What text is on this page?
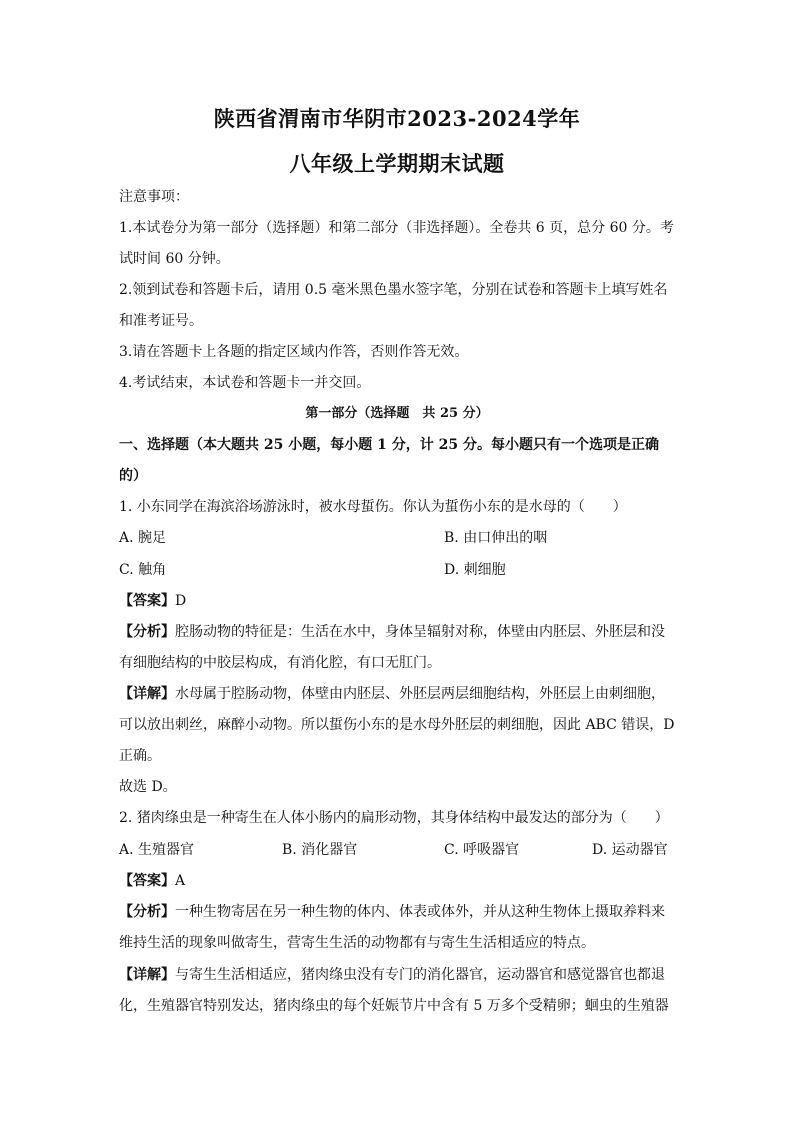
陕西省渭南市华阴市2023-2024学年
八年级上学期期末试题
注意事项：
1.本试卷分为第一部分（选择题）和第二部分（非选择题）。全卷共 6 页，总分 60 分。考
试时间 60 分钟。
2.领到试卷和答题卡后，请用 0.5 毫米黑色墨水签字笔，分别在试卷和答题卡上填写姓名
和准考证号。
3.请在答题卡上各题的指定区域内作答，否则作答无效。
4.考试结束，本试卷和答题卡一并交回。
第一部分（选择题　共 25 分）
一、选择题（本大题共 25 小题，每小题 1 分，计 25 分。每小题只有一个选项是正确
的）
1. 小东同学在海滨浴场游泳时，被水母蜇伤。你认为蜇伤小东的是水母的（　　）
A. 腕足	B. 由口伸出的咽
C. 触角	D. 刺细胞
【答案】D
【分析】腔肠动物的特征是：生活在水中，身体呈辐射对称，体壁由内胚层、外胚层和没
有细胞结构的中胶层构成，有消化腔，有口无肛门。
【详解】水母属于腔肠动物，体壁由内胚层、外胚层两层细胞结构，外胚层上由刺细胞，
可以放出刺丝，麻醉小动物。所以蜇伤小东的是水母外胚层的刺细胞，因此 ABC 错误，D
正确。
故选 D。
2. 猪肉绦虫是一种寄生在人体小肠内的扁形动物，其身体结构中最发达的部分为（　　）
A. 生殖器官	B. 消化器官	C. 呼吸器官	D. 运动器官
【答案】A
【分析】一种生物寄居在另一种生物的体内、体表或体外，并从这种生物体上摄取养料来
维持生活的现象叫做寄生，营寄生生活的动物都有与寄生生活相适应的特点。
【详解】与寄生生活相适应，猪肉绦虫没有专门的消化器官，运动器官和感觉器官也都退
化，生殖器官特别发达，猪肉绦虫的每个妊娠节片中含有 5 万多个受精卵；蛔虫的生殖器
